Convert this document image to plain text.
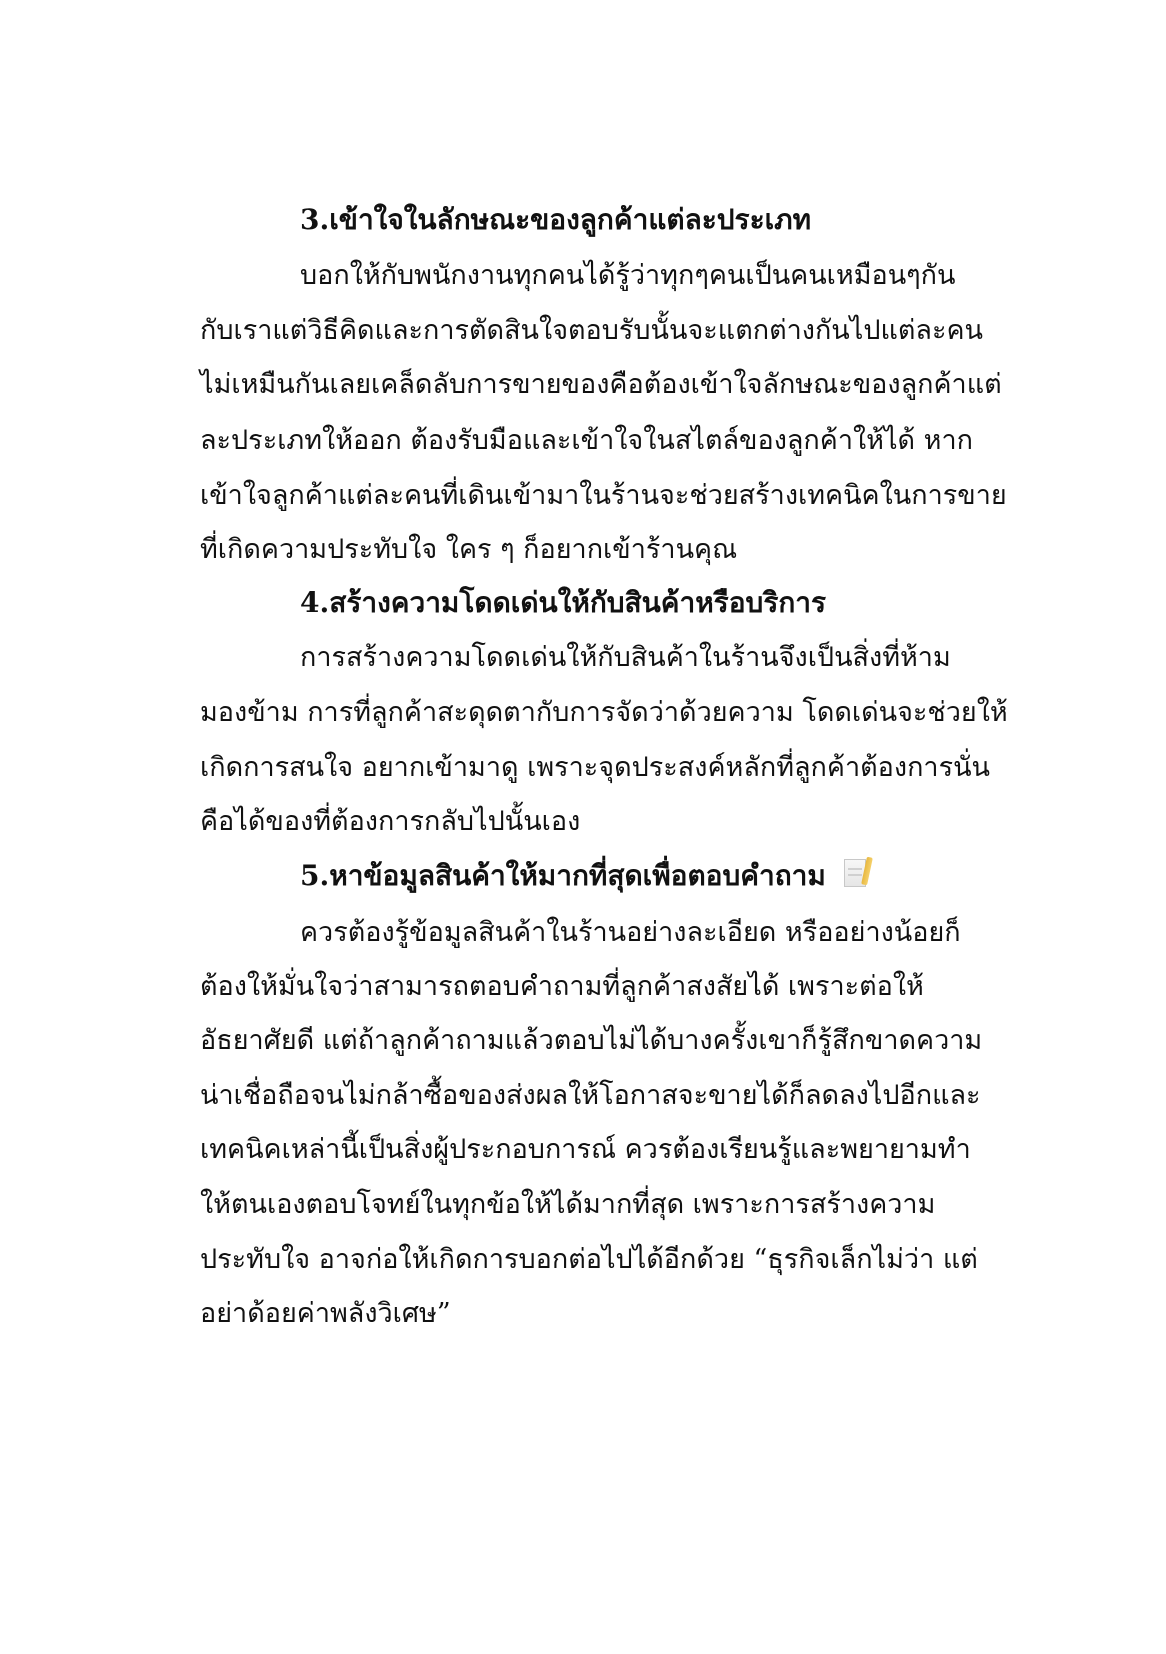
3.เข้าใจในลักษณะของลูกค้าแต่ละประเภท
บอกให้กับพนักงานทุกคนได้รู้ว่าทุกๆคนเป็นคนเหมือนๆกัน
กับเราแต่วิธีคิดและการตัดสินใจตอบรับนั้นจะแตกต่างกันไปแต่ละคน
ไม่เหมืนกันเลยเคล็ดลับการขายของคือต้องเข้าใจลักษณะของลูกค้าแต่
ละประเภทให้ออก ต้องรับมือและเข้าใจในสไตล์ของลูกค้าให้ได้ หาก
เข้าใจลูกค้าแต่ละคนที่เดินเข้ามาในร้านจะช่วยสร้างเทคนิคในการขาย
ที่เกิดความประทับใจ ใคร ๆ ก็อยากเข้าร้านคุณ
4.สร้างความโดดเด่นให้กับสินค้าหรือบริการ
การสร้างความโดดเด่นให้กับสินค้าในร้านจึงเป็นสิ่งที่ห้าม
มองข้าม การที่ลูกค้าสะดุดตากับการจัดว่าด้วยความ โดดเด่นจะช่วยให้
เกิดการสนใจ อยากเข้ามาดู เพราะจุดประสงค์หลักที่ลูกค้าต้องการนั่น
คือได้ของที่ต้องการกลับไปนั้นเอง
5.หาข้อมูลสินค้าให้มากที่สุดเพื่อตอบคำถาม
ควรต้องรู้ข้อมูลสินค้าในร้านอย่างละเอียด หรืออย่างน้อยก็
ต้องให้มั่นใจว่าสามารถตอบคำถามที่ลูกค้าสงสัยได้ เพราะต่อให้
อัธยาศัยดี แต่ถ้าลูกค้าถามแล้วตอบไม่ได้บางครั้งเขาก็รู้สึกขาดความ
น่าเชื่อถือจนไม่กล้าซื้อของส่งผลให้โอกาสจะขายได้ก็ลดลงไปอีกและ
เทคนิคเหล่านี้เป็นสิ่งผู้ประกอบการณ์ ควรต้องเรียนรู้และพยายามทำ
ให้ตนเองตอบโจทย์ในทุกข้อให้ได้มากที่สุด เพราะการสร้างความ
ประทับใจ อาจก่อให้เกิดการบอกต่อไปได้อีกด้วย “ธุรกิจเล็กไม่ว่า แต่
อย่าด้อยค่าพลังวิเศษ”
